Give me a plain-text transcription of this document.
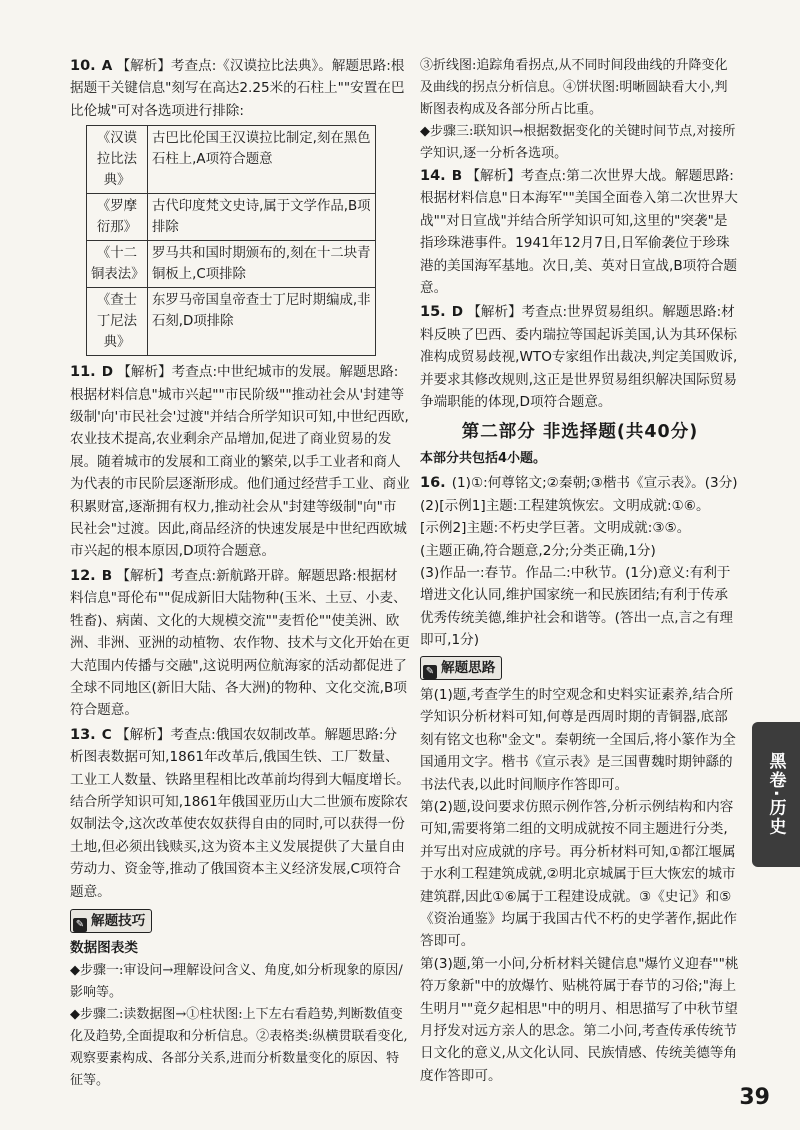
10. A 【解析】考查点:《汉谟拉比法典》。解题思路:根据题干关键信息"刻写在高达2.25米的石柱上""安置在巴比伦城"可对各选项进行排除:

《汉谟拉比法典》	古巴比伦国王汉谟拉比制定,刻在黑色石柱上,A项符合题意
《罗摩衍那》	古代印度梵文史诗,属于文学作品,B项排除
《十二铜表法》	罗马共和国时期颁布的,刻在十二块青铜板上,C项排除
《查士丁尼法典》	东罗马帝国皇帝查士丁尼时期编成,非石刻,D项排除

11. D 【解析】考查点:中世纪城市的发展。解题思路:根据材料信息"城市兴起""市民阶级""推动社会从'封建等级制'向'市民社会'过渡"并结合所学知识可知,中世纪西欧,农业技术提高,农业剩余产品增加,促进了商业贸易的发展。随着城市的发展和工商业的繁荣,以手工业者和商人为代表的市民阶层逐渐形成。他们通过经营手工业、商业积累财富,逐渐拥有权力,推动社会从"封建等级制"向"市民社会"过渡。因此,商品经济的快速发展是中世纪西欧城市兴起的根本原因,D项符合题意。

12. B 【解析】考查点:新航路开辟。解题思路:根据材料信息"哥伦布""促成新旧大陆物种(玉米、土豆、小麦、牲畜)、病菌、文化的大规模交流""麦哲伦""使美洲、欧洲、非洲、亚洲的动植物、农作物、技术与文化开始在更大范围内传播与交融",这说明两位航海家的活动都促进了全球不同地区(新旧大陆、各大洲)的物种、文化交流,B项符合题意。

13. C 【解析】考查点:俄国农奴制改革。解题思路:分析图表数据可知,1861年改革后,俄国生铁、工厂数量、工业工人数量、铁路里程相比改革前均得到大幅度增长。结合所学知识可知,1861年俄国亚历山大二世颁布废除农奴制法令,这次改革使农奴获得自由的同时,可以获得一份土地,但必须出钱赎买,这为资本主义发展提供了大量自由劳动力、资金等,推动了俄国资本主义经济发展,C项符合题意。

✎ 解题技巧

数据图表类

◆步骤一:审设问→理解设问含义、角度,如分析现象的原因/影响等。

◆步骤二:读数据图→①柱状图:上下左右看趋势,判断数值变化及趋势,全面提取和分析信息。②表格类:纵横贯联看变化,观察要素构成、各部分关系,进而分析数量变化的原因、特征等。

③折线图:追踪角看拐点,从不同时间段曲线的升降变化及曲线的拐点分析信息。④饼状图:明晰圆缺看大小,判断图表构成及各部分所占比重。

◆步骤三:联知识→根据数据变化的关键时间节点,对接所学知识,逐一分析各选项。

14. B 【解析】考查点:第二次世界大战。解题思路:根据材料信息"日本海军""美国全面卷入第二次世界大战""对日宣战"并结合所学知识可知,这里的"突袭"是指珍珠港事件。1941年12月7日,日军偷袭位于珍珠港的美国海军基地。次日,美、英对日宣战,B项符合题意。

15. D 【解析】考查点:世界贸易组织。解题思路:材料反映了巴西、委内瑞拉等国起诉美国,认为其环保标准构成贸易歧视,WTO专家组作出裁决,判定美国败诉,并要求其修改规则,这正是世界贸易组织解决国际贸易争端职能的体现,D项符合题意。

第二部分 非选择题(共40分)
本部分共包括4小题。

16. (1)①:何尊铭文;②秦朝;③楷书《宣示表》。(3分)

(2)[示例1]主题:工程建筑恢宏。文明成就:①⑥。

[示例2]主题:不朽史学巨著。文明成就:③⑤。

(主题正确,符合题意,2分;分类正确,1分)

(3)作品一:春节。作品二:中秋节。(1分)意义:有利于增进文化认同,维护国家统一和民族团结;有利于传承优秀传统美德,维护社会和谐等。(答出一点,言之有理即可,1分)

✎ 解题思路

第(1)题,考查学生的时空观念和史料实证素养,结合所学知识分析材料可知,何尊是西周时期的青铜器,底部刻有铭文也称"金文"。秦朝统一全国后,将小篆作为全国通用文字。楷书《宣示表》是三国曹魏时期钟繇的书法代表,以此时间顺序作答即可。

第(2)题,设问要求仿照示例作答,分析示例结构和内容可知,需要将第二组的文明成就按不同主题进行分类,并写出对应成就的序号。再分析材料可知,①都江堰属于水利工程建筑成就,②明北京城属于巨大恢宏的城市建筑群,因此①⑥属于工程建设成就。③《史记》和⑤《资治通鉴》均属于我国古代不朽的史学著作,据此作答即可。

第(3)题,第一小问,分析材料关键信息"爆竹义迎春""桃符万象新"中的放爆竹、贴桃符属于春节的习俗;"海上生明月""竟夕起相思"中的明月、相思描写了中秋节望月抒发对远方亲人的思念。第二小问,考查传承传统节日文化的意义,从文化认同、民族情感、传统美德等角度作答即可。

黑卷·历史
39
